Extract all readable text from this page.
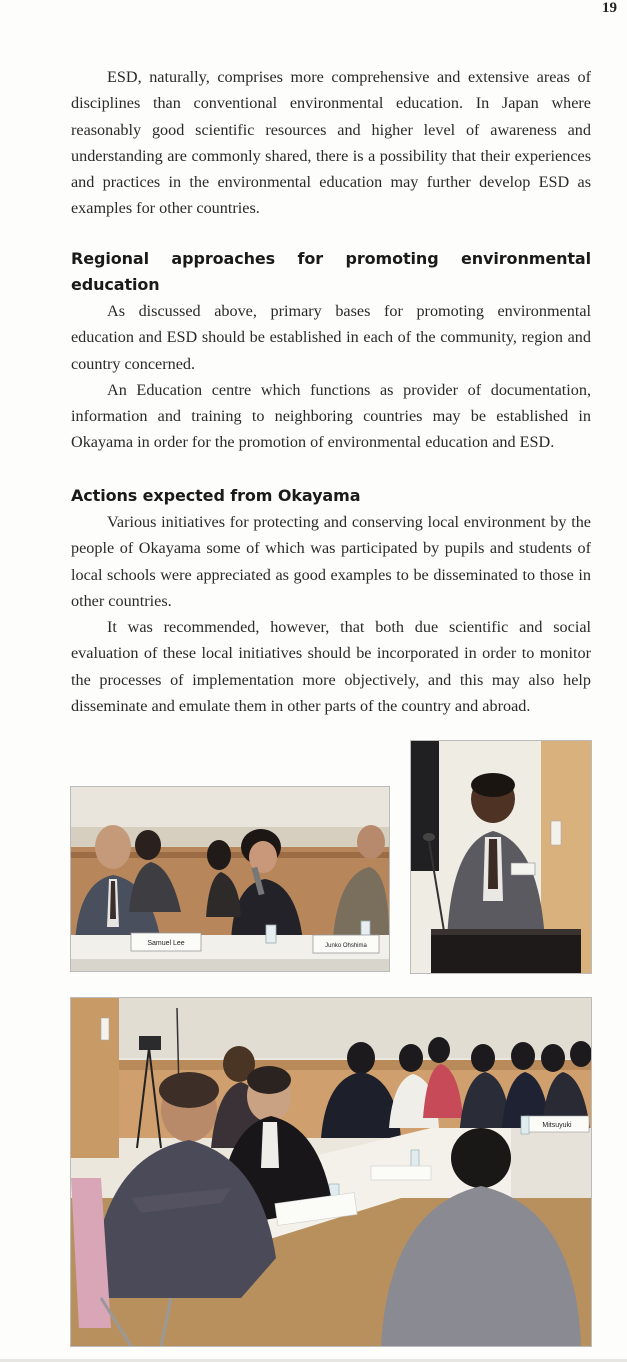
19

ESD, naturally, comprises more comprehensive and extensive areas of disciplines than conventional environmental education. In Japan where reasonably good scientific resources and higher level of awareness and understanding are commonly shared, there is a possibility that their experiences and practices in the environmental education may further develop ESD as examples for other countries.

Regional approaches for promoting environmental education

As discussed above, primary bases for promoting environmental education and ESD should be established in each of the community, region and country concerned.

An Education centre which functions as provider of documentation, information and training to neighboring countries may be established in Okayama in order for the promotion of environmental education and ESD.

Actions expected from Okayama

Various initiatives for protecting and conserving local environment by the people of Okayama some of which was participated by pupils and students of local schools were appreciated as good examples to be disseminated to those in other countries.

It was recommended, however, that both due scientific and social evaluation of these local initiatives should be incorporated in order to monitor the processes of implementation more objectively, and this may also help disseminate and emulate them in other parts of the country and abroad.

Samuel Lee	Junko Ohshima
Mitsuyuki
